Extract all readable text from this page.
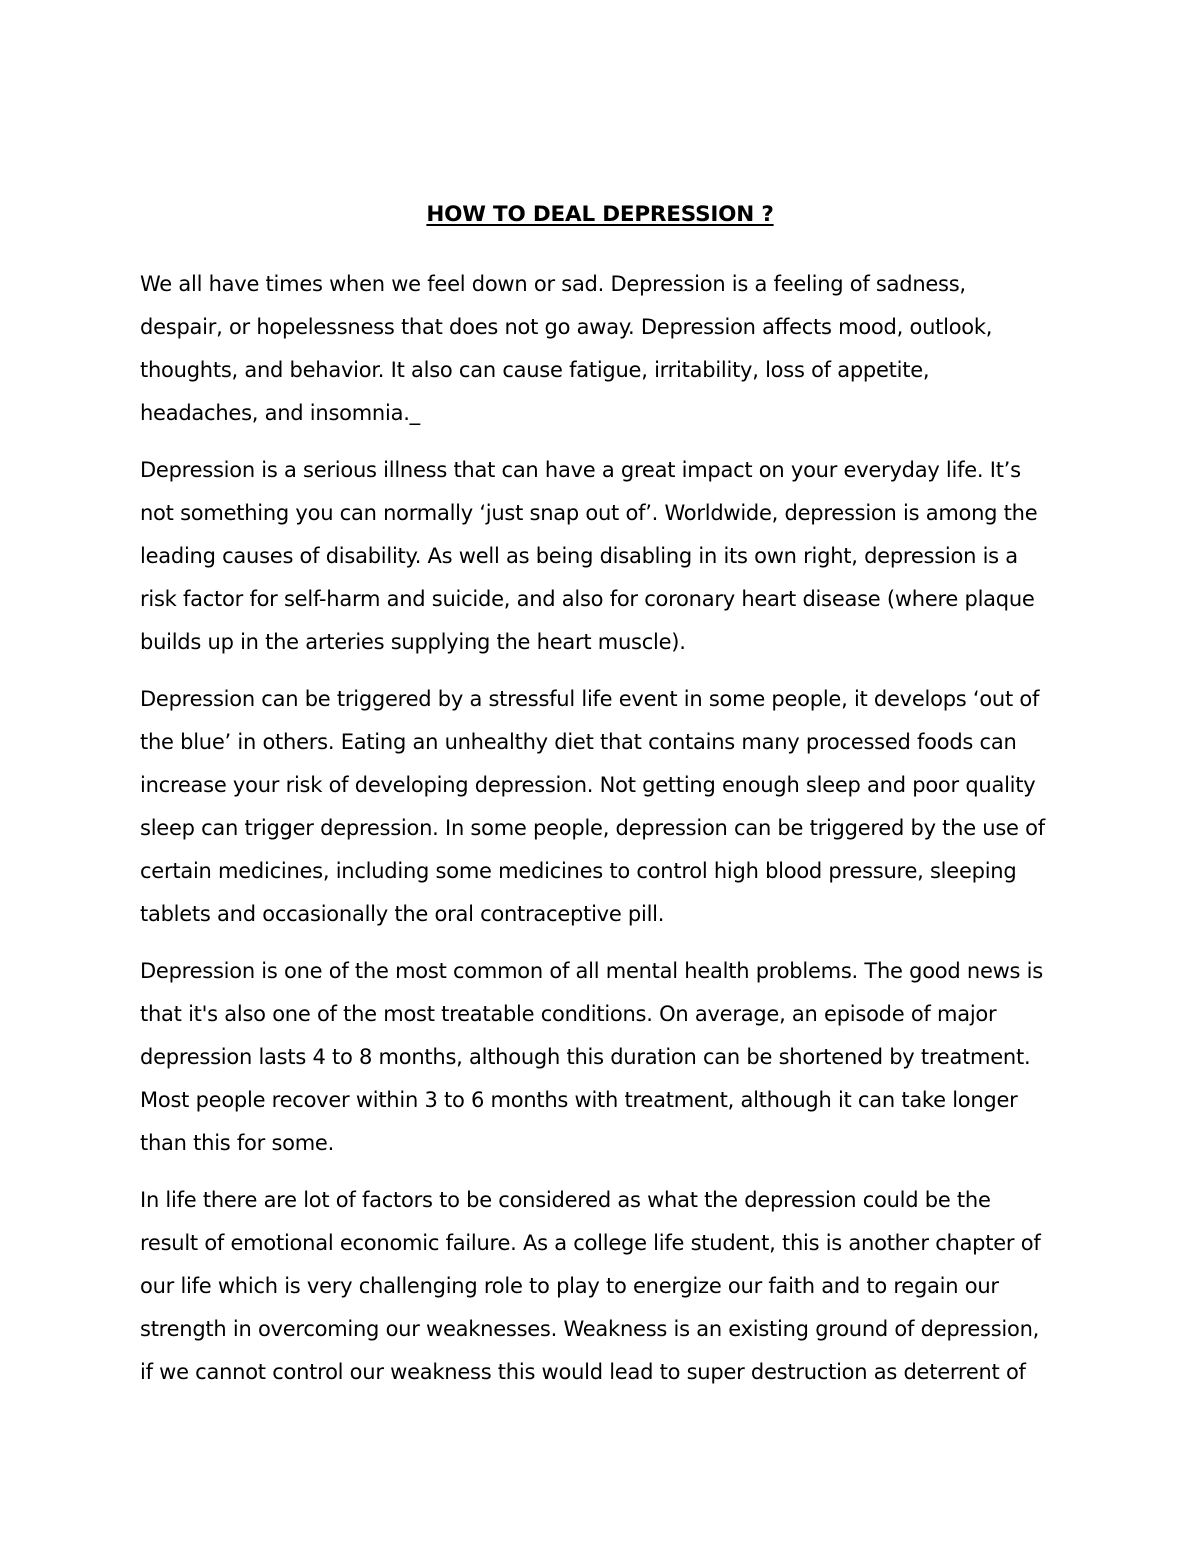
HOW TO DEAL DEPRESSION ?
We all have times when we feel down or sad. Depression is a feeling of sadness,
despair, or hopelessness that does not go away. Depression affects mood, outlook,
thoughts, and behavior. It also can cause fatigue, irritability, loss of appetite,
headaches, and insomnia._
Depression is a serious illness that can have a great impact on your everyday life. It’s
not something you can normally ‘just snap out of’. Worldwide, depression is among the
leading causes of disability. As well as being disabling in its own right, depression is a
risk factor for self-harm and suicide, and also for coronary heart disease (where plaque
builds up in the arteries supplying the heart muscle).
Depression can be triggered by a stressful life event in some people, it develops ‘out of
the blue’ in others. Eating an unhealthy diet that contains many processed foods can
increase your risk of developing depression. Not getting enough sleep and poor quality
sleep can trigger depression. In some people, depression can be triggered by the use of
certain medicines, including some medicines to control high blood pressure, sleeping
tablets and occasionally the oral contraceptive pill.
Depression is one of the most common of all mental health problems. The good news is
that it's also one of the most treatable conditions. On average, an episode of major
depression lasts 4 to 8 months, although this duration can be shortened by treatment.
Most people recover within 3 to 6 months with treatment, although it can take longer
than this for some.
In life there are lot of factors to be considered as what the depression could be the
result of emotional economic failure. As a college life student, this is another chapter of
our life which is very challenging role to play to energize our faith and to regain our
strength in overcoming our weaknesses. Weakness is an existing ground of depression,
if we cannot control our weakness this would lead to super destruction as deterrent of
